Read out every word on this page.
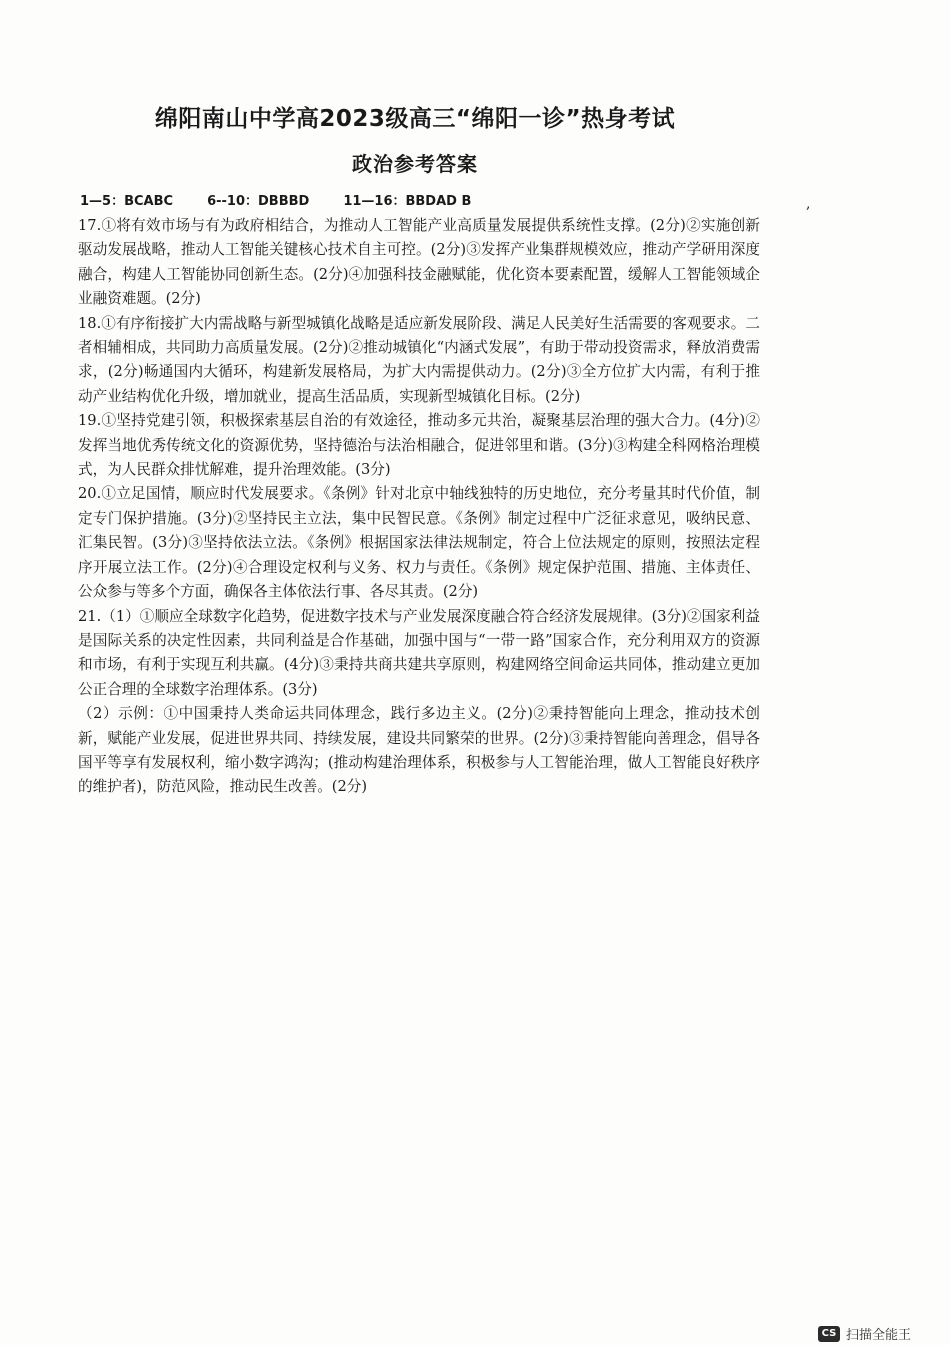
绵阳南山中学高2023级高三“绵阳一诊”热身考试
政治参考答案
1—5：BCABC	6--10：DBBBD	11—16：BBDAD B	,

17.①将有效市场与有为政府相结合，为推动人工智能产业高质量发展提供系统性支撑。(2分)②实施创新驱动发展战略，推动人工智能关键核心技术自主可控。(2分)③发挥产业集群规模效应，推动产学研用深度融合，构建人工智能协同创新生态。(2分)④加强科技金融赋能，优化资本要素配置，缓解人工智能领域企业融资难题。(2分)

18.①有序衔接扩大内需战略与新型城镇化战略是适应新发展阶段、满足人民美好生活需要的客观要求。二者相辅相成，共同助力高质量发展。(2分)②推动城镇化“内涵式发展”，有助于带动投资需求，释放消费需求，(2分)畅通国内大循环，构建新发展格局，为扩大内需提供动力。(2分)③全方位扩大内需，有利于推动产业结构优化升级，增加就业，提高生活品质，实现新型城镇化目标。(2分)

19.①坚持党建引领，积极探索基层自治的有效途径，推动多元共治，凝聚基层治理的强大合力。(4分)②发挥当地优秀传统文化的资源优势，坚持德治与法治相融合，促进邻里和谐。(3分)③构建全科网格治理模式，为人民群众排忧解难，提升治理效能。(3分)

20.①立足国情，顺应时代发展要求。《条例》针对北京中轴线独特的历史地位，充分考量其时代价值，制定专门保护措施。(3分)②坚持民主立法，集中民智民意。《条例》制定过程中广泛征求意见，吸纳民意、汇集民智。(3分)③坚持依法立法。《条例》根据国家法律法规制定，符合上位法规定的原则，按照法定程序开展立法工作。(2分)④合理设定权利与义务、权力与责任。《条例》规定保护范围、措施、主体责任、公众参与等多个方面，确保各主体依法行事、各尽其责。(2分)

21.（1）①顺应全球数字化趋势，促进数字技术与产业发展深度融合符合经济发展规律。(3分)②国家利益是国际关系的决定性因素，共同利益是合作基础，加强中国与“一带一路”国家合作，充分利用双方的资源和市场，有利于实现互利共赢。(4分)③秉持共商共建共享原则，构建网络空间命运共同体，推动建立更加公正合理的全球数字治理体系。(3分)

（2）示例：①中国秉持人类命运共同体理念，践行多边主义。(2分)②秉持智能向上理念，推动技术创新，赋能产业发展，促进世界共同、持续发展，建设共同繁荣的世界。(2分)③秉持智能向善理念，倡导各国平等享有发展权利，缩小数字鸿沟；(推动构建治理体系，积极参与人工智能治理，做人工智能良好秩序的维护者)，防范风险，推动民生改善。(2分)

CS 扫描全能王
